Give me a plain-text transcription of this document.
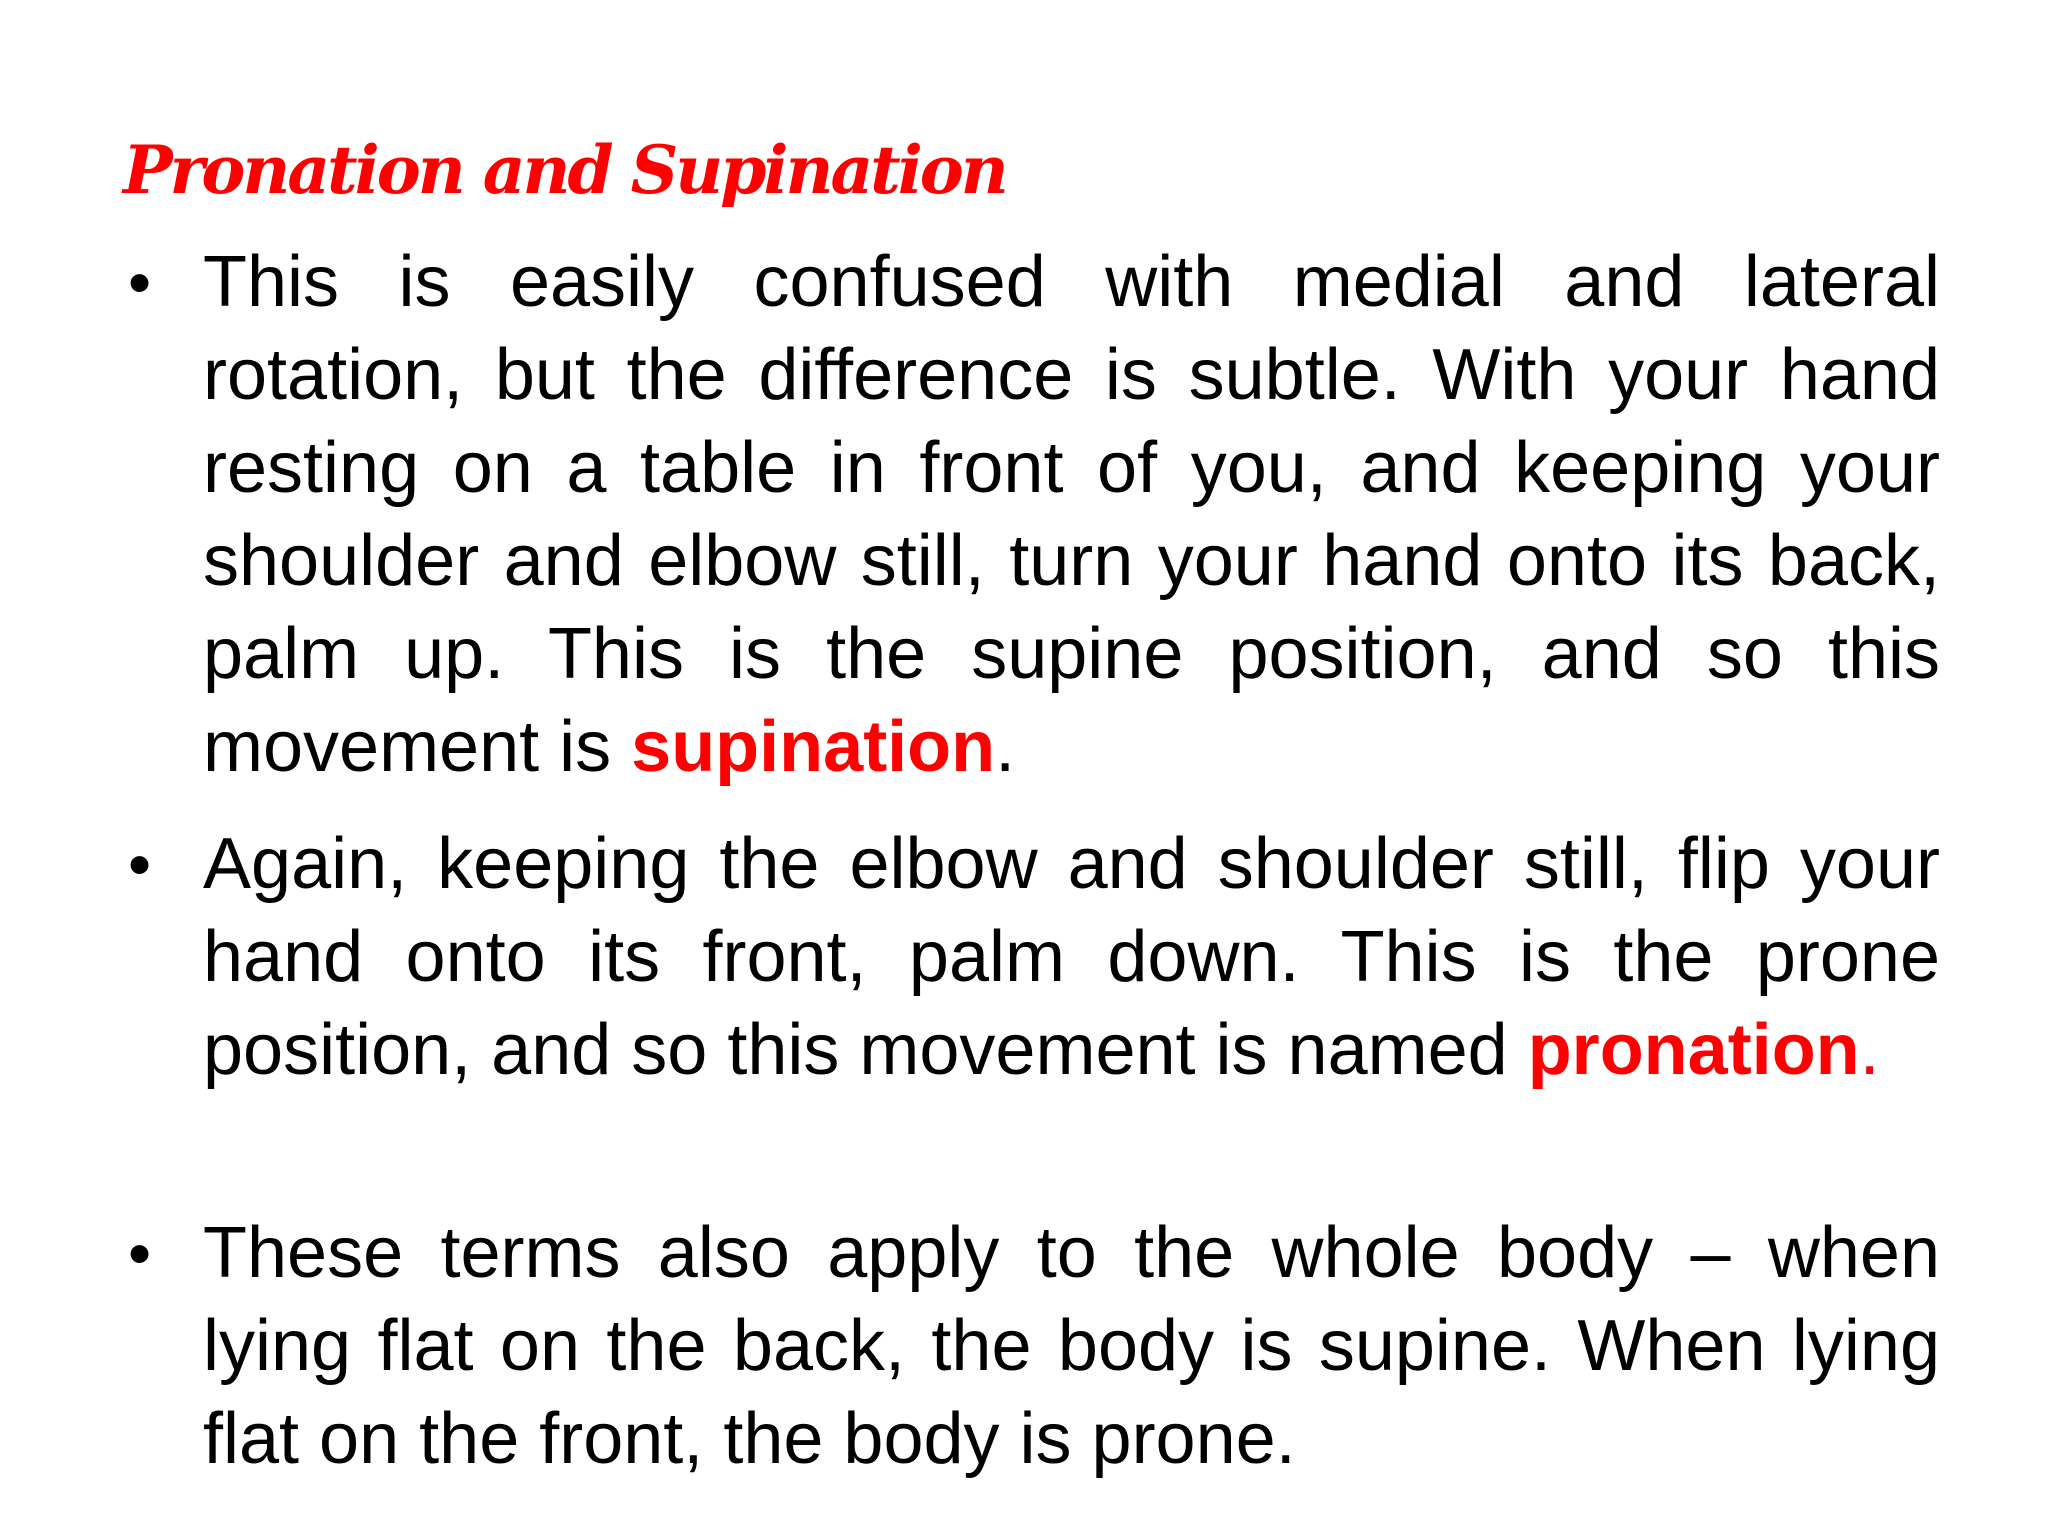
Pronation and Supination
• This is easily confused with medial and lateral rotation, but the difference is subtle. With your hand resting on a table in front of you, and keeping your shoulder and elbow still, turn your hand onto its back, palm up. This is the supine position, and so this movement is supination.

• Again, keeping the elbow and shoulder still, flip your hand onto its front, palm down. This is the prone position, and so this movement is named pronation.

• These terms also apply to the whole body – when lying flat on the back, the body is supine. When lying flat on the front, the body is prone.
